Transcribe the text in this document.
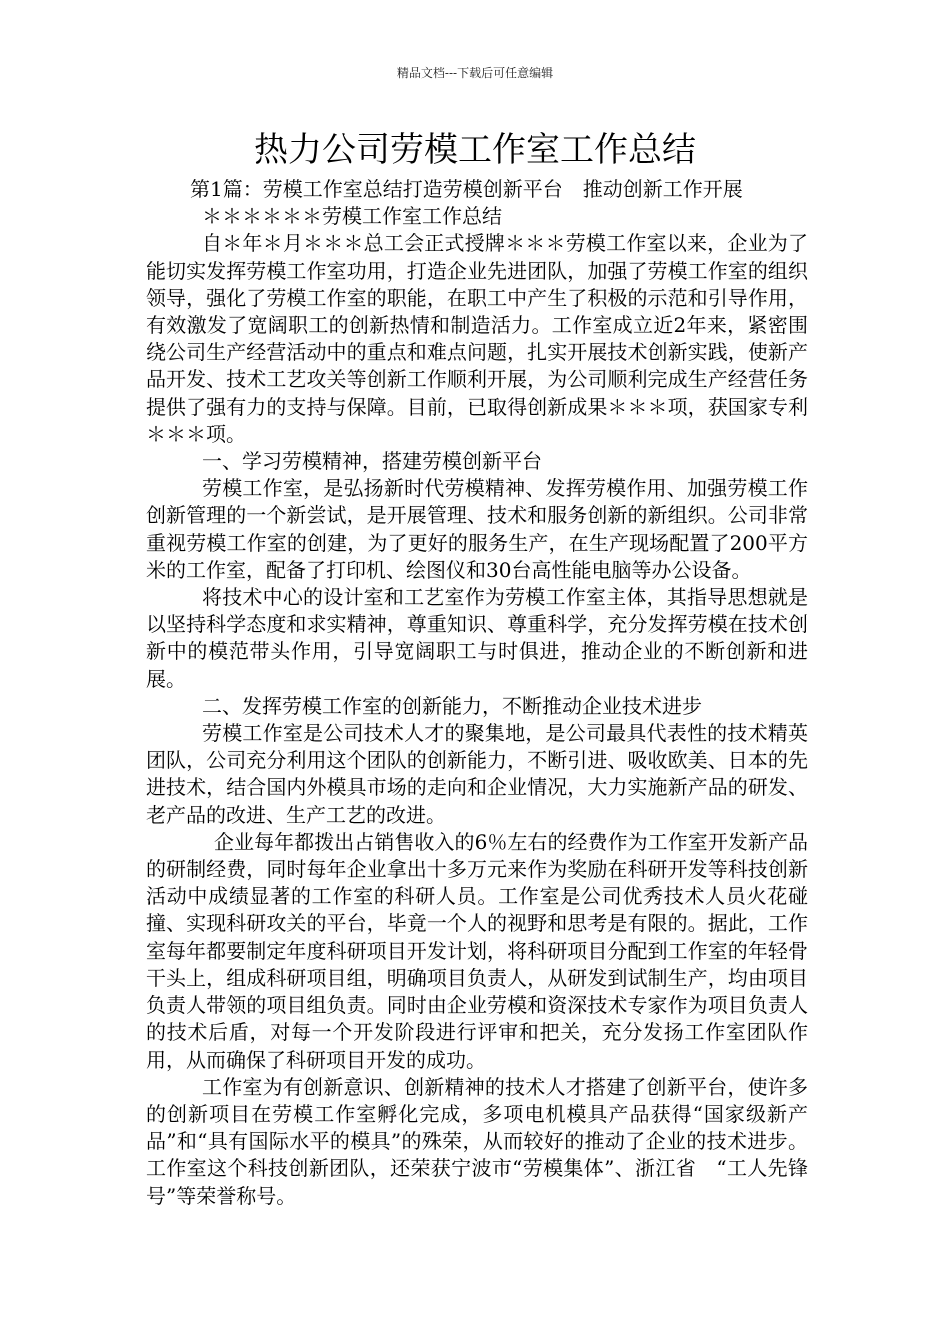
精品文档---下载后可任意编辑
热力公司劳模工作室工作总结

第1篇：劳模工作室总结打造劳模创新平台　推动创新工作开展

＊＊＊＊＊＊劳模工作室工作总结

自＊年＊月＊＊＊总工会正式授牌＊＊＊劳模工作室以来，企业为了能切实发挥劳模工作室功用，打造企业先进团队，加强了劳模工作室的组织领导，强化了劳模工作室的职能，在职工中产生了积极的示范和引导作用，有效激发了宽阔职工的创新热情和制造活力。工作室成立近2年来，紧密围绕公司生产经营活动中的重点和难点问题，扎实开展技术创新实践，使新产品开发、技术工艺攻关等创新工作顺利开展，为公司顺利完成生产经营任务提供了强有力的支持与保障。目前，已取得创新成果＊＊＊项，获国家专利＊＊＊项。

一、学习劳模精神，搭建劳模创新平台

劳模工作室，是弘扬新时代劳模精神、发挥劳模作用、加强劳模工作创新管理的一个新尝试，是开展管理、技术和服务创新的新组织。公司非常重视劳模工作室的创建，为了更好的服务生产，在生产现场配置了200平方米的工作室，配备了打印机、绘图仪和30台高性能电脑等办公设备。

将技术中心的设计室和工艺室作为劳模工作室主体，其指导思想就是以坚持科学态度和求实精神，尊重知识、尊重科学，充分发挥劳模在技术创新中的模范带头作用，引导宽阔职工与时俱进，推动企业的不断创新和进展。

二、发挥劳模工作室的创新能力，不断推动企业技术进步

劳模工作室是公司技术人才的聚集地，是公司最具代表性的技术精英团队，公司充分利用这个团队的创新能力，不断引进、吸收欧美、日本的先进技术，结合国内外模具市场的走向和企业情况，大力实施新产品的研发、老产品的改进、生产工艺的改进。

企业每年都拨出占销售收入的6％左右的经费作为工作室开发新产品的研制经费，同时每年企业拿出十多万元来作为奖励在科研开发等科技创新活动中成绩显著的工作室的科研人员。工作室是公司优秀技术人员火花碰撞、实现科研攻关的平台，毕竟一个人的视野和思考是有限的。据此，工作室每年都要制定年度科研项目开发计划，将科研项目分配到工作室的年轻骨干头上，组成科研项目组，明确项目负责人，从研发到试制生产，均由项目负责人带领的项目组负责。同时由企业劳模和资深技术专家作为项目负责人的技术后盾，对每一个开发阶段进行评审和把关，充分发扬工作室团队作用，从而确保了科研项目开发的成功。

工作室为有创新意识、创新精神的技术人才搭建了创新平台，使许多的创新项目在劳模工作室孵化完成，多项电机模具产品获得“国家级新产品”和“具有国际水平的模具”的殊荣，从而较好的推动了企业的技术进步。工作室这个科技创新团队，还荣获宁波市“劳模集体”、浙江省　“工人先锋号”等荣誉称号。
